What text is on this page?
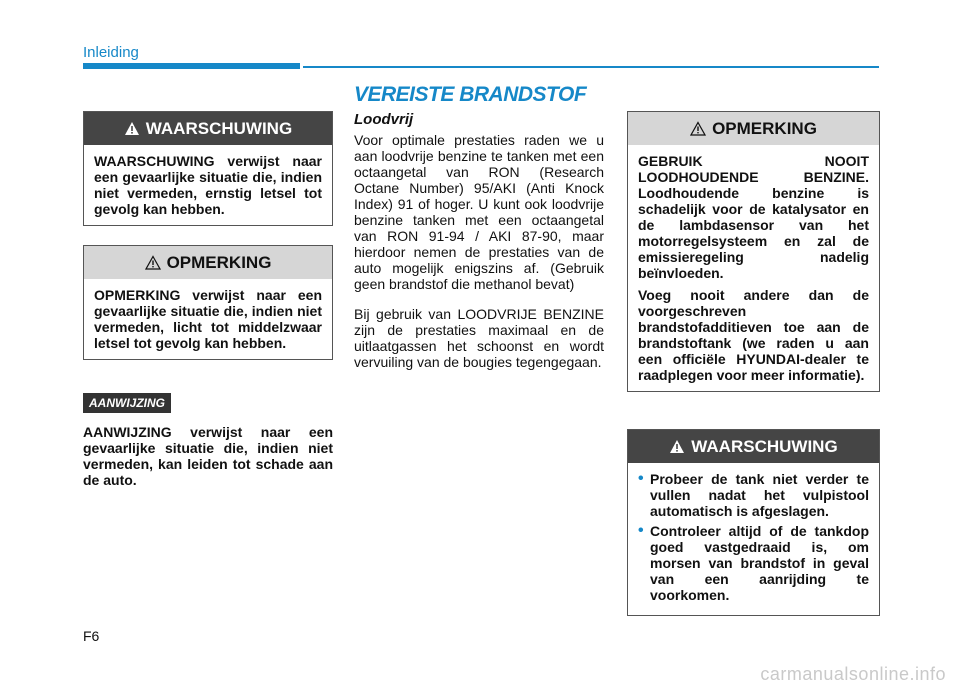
Inleiding
VEREISTE BRANDSTOF
WAARSCHUWING
WAARSCHUWING verwijst naar een gevaarlijke situatie die, indien niet vermeden, ernstig letsel tot gevolg kan hebben.
OPMERKING
OPMERKING verwijst naar een gevaarlijke situatie die, indien niet vermeden, licht tot middelzwaar letsel tot gevolg kan hebben.
AANWIJZING
AANWIJZING verwijst naar een gevaarlijke situatie die, indien niet vermeden, kan leiden tot schade aan de auto.
Loodvrij

Voor optimale prestaties raden we u aan loodvrije benzine te tanken met een octaangetal van RON (Research Octane Number) 95/AKI (Anti Knock Index) 91 of hoger. U kunt ook loodvrije benzine tanken met een octaangetal van RON 91-94 / AKI 87-90, maar hierdoor nemen de prestaties van de auto mogelijk enigszins af. (Gebruik geen brandstof die methanol bevat)

Bij gebruik van LOODVRIJE BENZINE zijn de prestaties maximaal en de uitlaatgassen het schoonst en wordt vervuiling van de bougies tegengegaan.

OPMERKING

GEBRUIK NOOIT LOODHOUDENDE BENZINE. Loodhoudende benzine is schadelijk voor de katalysator en de lambdasensor van het motorregelsysteem en zal de emissieregeling nadelig beïnvloeden.

Voeg nooit andere dan de voorgeschreven brandstofadditieven toe aan de brandstoftank (we raden u aan een officiële HYUNDAI-dealer te raadplegen voor meer informatie).

WAARSCHUWING
• Probeer de tank niet verder te vullen nadat het vulpistool automatisch is afgeslagen.
• Controleer altijd of de tankdop goed vastgedraaid is, om morsen van brandstof in geval van een aanrijding te voorkomen.
F6
carmanualsonline.info
